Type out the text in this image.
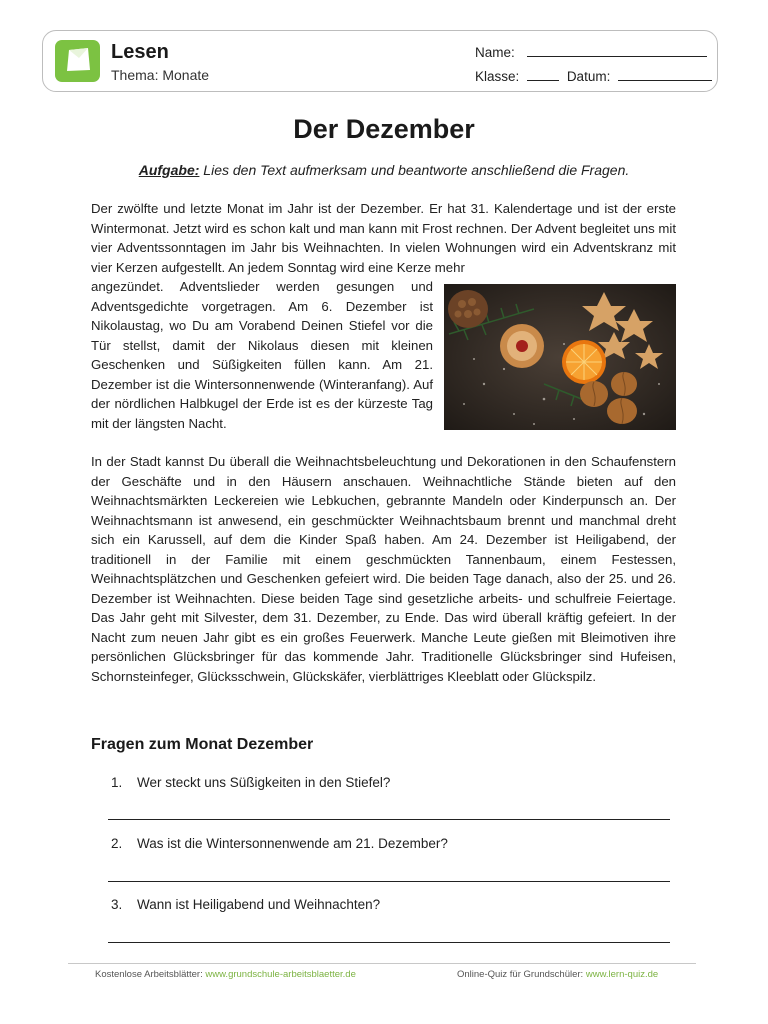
Lesen
Thema: Monate
Name:
Klasse:	Datum:
Der Dezember
Aufgabe: Lies den Text aufmerksam und beantworte anschließend die Fragen.
Der zwölfte und letzte Monat im Jahr ist der Dezember. Er hat 31. Kalendertage und ist der erste Wintermonat. Jetzt wird es schon kalt und man kann mit Frost rechnen. Der Advent begleitet uns mit vier Adventssonntagen im Jahr bis Weihnachten. In vielen Wohnungen wird ein Adventskranz mit vier Kerzen aufgestellt. An jedem Sonntag wird eine Kerze mehr
angezündet. Adventslieder werden gesungen und Adventsgedichte vorgetragen. Am 6. Dezember ist Nikolaustag, wo Du am Vorabend Deinen Stiefel vor die Tür stellst, damit der Nikolaus diesen mit kleinen Geschenken und Süßigkeiten füllen kann. Am 21. Dezember ist die Wintersonnenwende (Winteranfang). Auf der nördlichen Halbkugel der Erde ist es der kürzeste Tag mit der längsten Nacht.
In der Stadt kannst Du überall die Weihnachtsbeleuchtung und Dekorationen in den Schaufenstern der Geschäfte und in den Häusern anschauen. Weihnachtliche Stände bieten auf den Weihnachtsmärkten Leckereien wie Lebkuchen, gebrannte Mandeln oder Kinderpunsch an. Der Weihnachtsmann ist anwesend, ein geschmückter Weihnachtsbaum brennt und manchmal dreht sich ein Karussell, auf dem die Kinder Spaß haben. Am 24. Dezember ist Heiligabend, der traditionell in der Familie mit einem geschmückten Tannenbaum, einem Festessen, Weihnachtsplätzchen und Geschenken gefeiert wird. Die beiden Tage danach, also der 25. und 26. Dezember ist Weihnachten. Diese beiden Tage sind gesetzliche arbeits- und schulfreie Feiertage. Das Jahr geht mit Silvester, dem 31. Dezember, zu Ende. Das wird überall kräftig gefeiert. In der Nacht zum neuen Jahr gibt es ein großes Feuerwerk. Manche Leute gießen mit Bleimotiven ihre persönlichen Glücksbringer für das kommende Jahr. Traditionelle Glücksbringer sind Hufeisen, Schornsteinfeger, Glücksschwein, Glückskäfer, vierblättriges Kleeblatt oder Glückspilz.
Fragen zum Monat Dezember
1. Wer steckt uns Süßigkeiten in den Stiefel?
2. Was ist die Wintersonnenwende am 21. Dezember?
3. Wann ist Heiligabend und Weihnachten?
Kostenlose Arbeitsblätter: www.grundschule-arbeitsblaetter.de	Online-Quiz für Grundschüler: www.lern-quiz.de
